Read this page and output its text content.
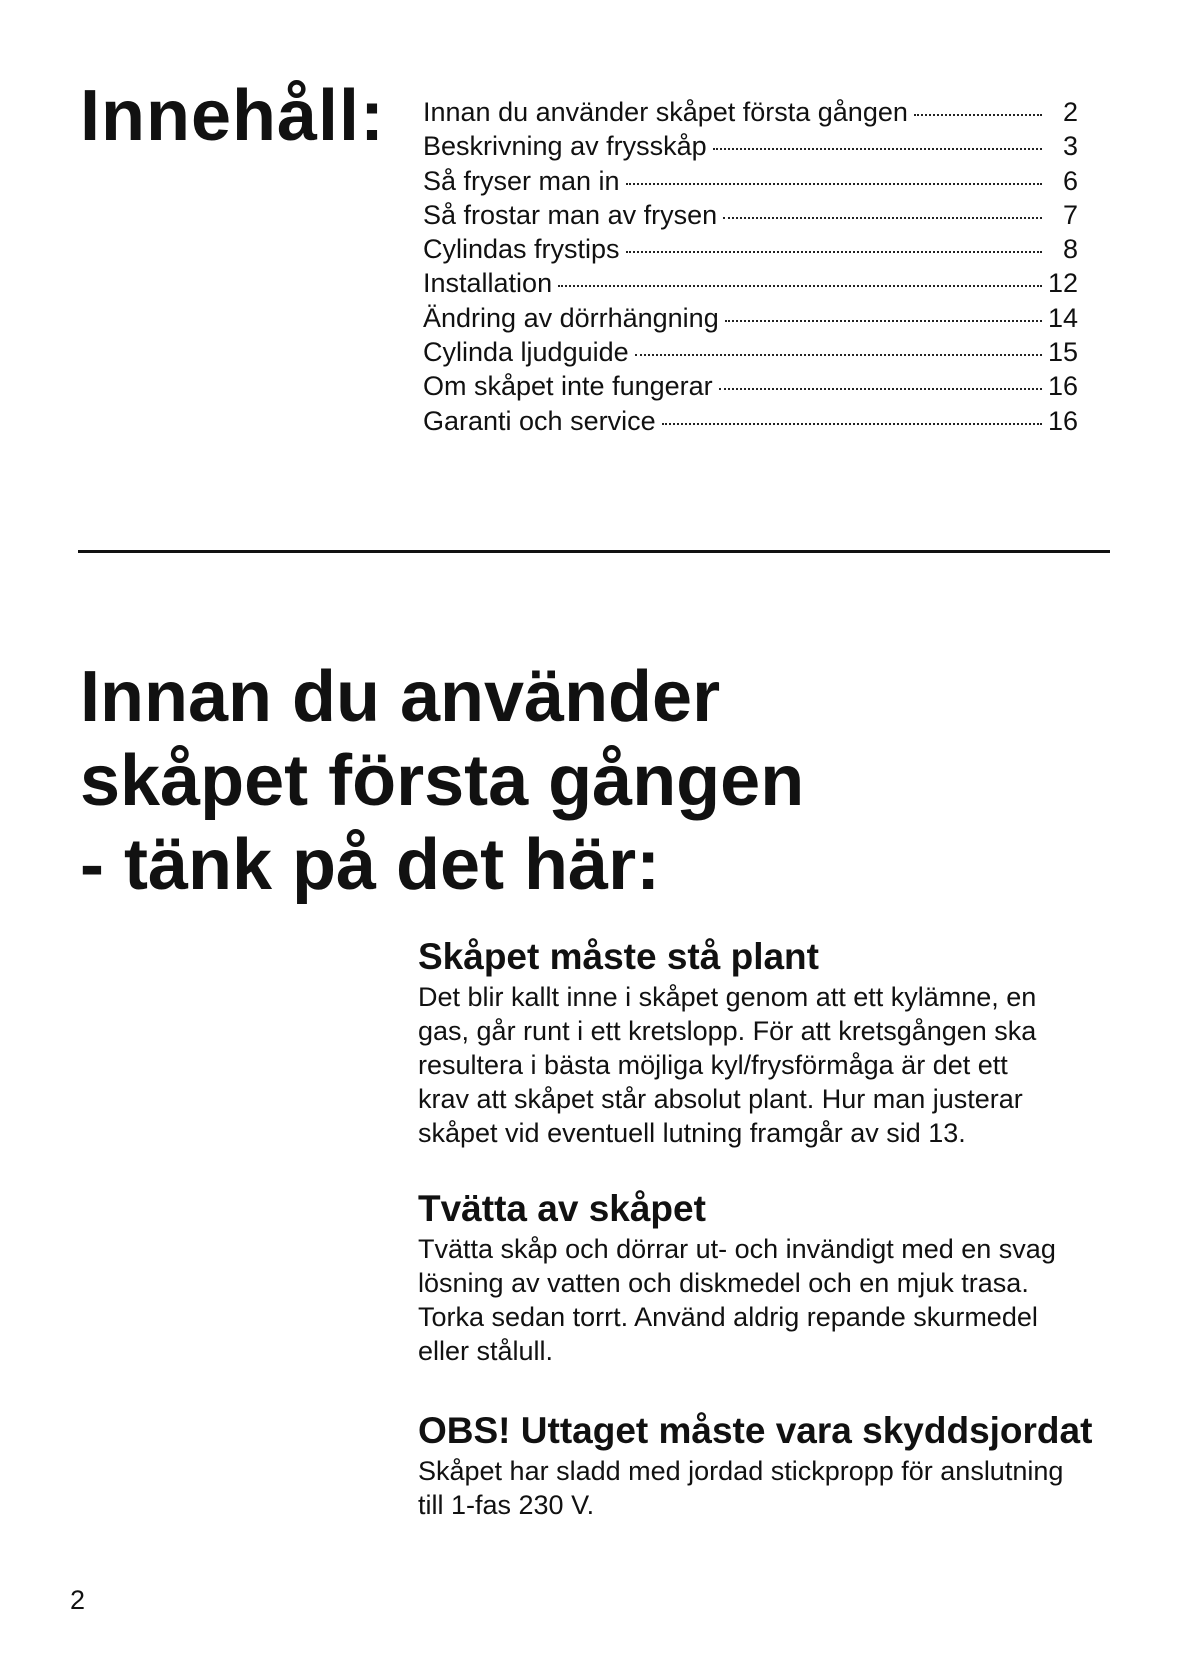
Innehåll: Innan du använder skåpet första gången	2
Beskrivning av frysskåp	3
Så fryser man in	6
Så frostar man av frysen	7
Cylindas frystips	8
Installation	12
Ändring av dörrhängning	14
Cylinda ljudguide	15
Om skåpet inte fungerar	16
Garanti och service	16
Innan du använder
skåpet första gången
- tänk på det här:
Skåpet måste stå plant

Det blir kallt inne i skåpet genom att ett kylämne, en

gas, går runt i ett kretslopp. För att kretsgången ska

resultera i bästa möjliga kyl/frysförmåga är det ett

krav att skåpet står absolut plant. Hur man justerar

skåpet vid eventuell lutning framgår av sid 13.

Tvätta av skåpet

Tvätta skåp och dörrar ut- och invändigt med en svag

lösning av vatten och diskmedel och en mjuk trasa.

Torka sedan torrt. Använd aldrig repande skurmedel

eller stålull.

OBS! Uttaget måste vara skyddsjordat

Skåpet har sladd med jordad stickpropp för anslutning

till 1-fas 230 V.

2
